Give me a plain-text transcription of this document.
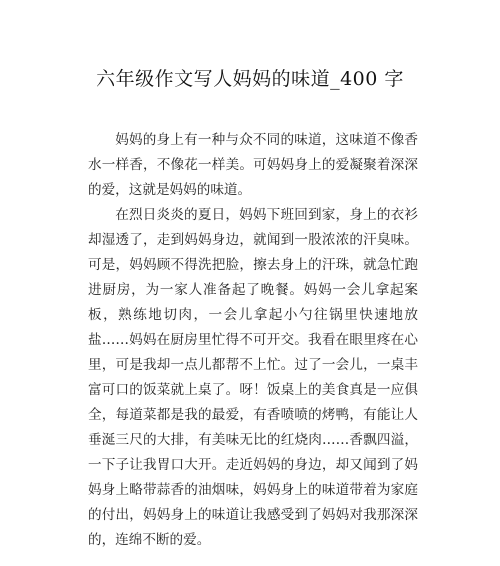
六年级作文写人妈妈的味道_400 字

妈妈的身上有一种与众不同的味道，这味道不像香水一样香，不像花一样美。可妈妈身上的爱凝聚着深深的爱，这就是妈妈的味道。

在烈日炎炎的夏日，妈妈下班回到家，身上的衣衫却湿透了，走到妈妈身边，就闻到一股浓浓的汗臭味。可是，妈妈顾不得洗把脸，擦去身上的汗珠，就急忙跑进厨房，为一家人准备起了晚餐。妈妈一会儿拿起案板，熟练地切肉，一会儿拿起小勺往锅里快速地放盐……妈妈在厨房里忙得不可开交。我看在眼里疼在心里，可是我却一点儿都帮不上忙。过了一会儿，一桌丰富可口的饭菜就上桌了。呀！饭桌上的美食真是一应俱全，每道菜都是我的最爱，有香喷喷的烤鸭，有能让人垂涎三尺的大排，有美味无比的红烧肉……香飘四溢，一下子让我胃口大开。走近妈妈的身边，却又闻到了妈妈身上略带蒜香的油烟味，妈妈身上的味道带着为家庭的付出，妈妈身上的味道让我感受到了妈妈对我那深深的，连绵不断的爱。
